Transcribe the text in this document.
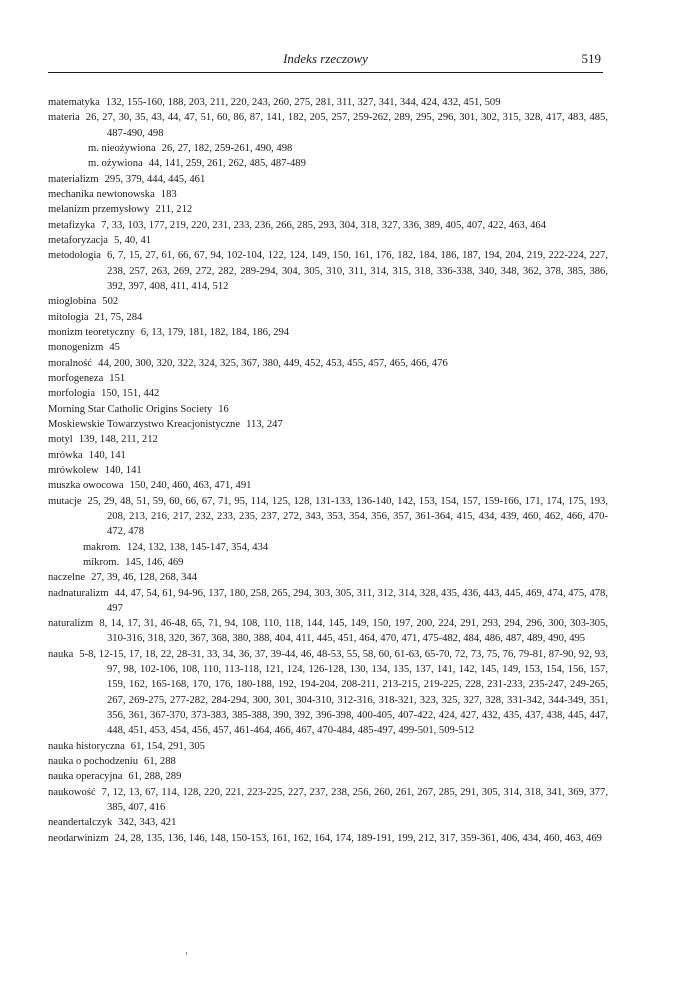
Indeks rzeczowy	519

matematyka 132, 155-160, 188, 203, 211, 220, 243, 260, 275, 281, 311, 327, 341, 344, 424, 432, 451, 509

materia 26, 27, 30, 35, 43, 44, 47, 51, 60, 86, 87, 141, 182, 205, 257, 259-262, 289, 295, 296, 301, 302, 315, 328, 417, 483, 485, 487-490, 498

m. nieożywiona 26, 27, 182, 259-261, 490, 498

m. ożywiona 44, 141, 259, 261, 262, 485, 487-489

materializm 295, 379, 444, 445, 461

mechanika newtonowska 183

melanizm przemysłowy 211, 212

metafizyka 7, 33, 103, 177, 219, 220, 231, 233, 236, 266, 285, 293, 304, 318, 327, 336, 389, 405, 407, 422, 463, 464

metaforyzacja 5, 40, 41

metodologia 6, 7, 15, 27, 61, 66, 67, 94, 102-104, 122, 124, 149, 150, 161, 176, 182, 184, 186, 187, 194, 204, 219, 222-224, 227, 238, 257, 263, 269, 272, 282, 289-294, 304, 305, 310, 311, 314, 315, 318, 336-338, 340, 348, 362, 378, 385, 386, 392, 397, 408, 411, 414, 512

mioglobina 502

mitologia 21, 75, 284

monizm teoretyczny 6, 13, 179, 181, 182, 184, 186, 294

monogenizm 45

moralność 44, 200, 300, 320, 322, 324, 325, 367, 380, 449, 452, 453, 455, 457, 465, 466, 476

morfogeneza 151

morfologia 150, 151, 442

Morning Star Catholic Origins Society 16

Moskiewskie Towarzystwo Kreacjonistyczne 113, 247

motyl 139, 148, 211, 212

mrówka 140, 141

mrówkolew 140, 141

muszka owocowa 150, 240, 460, 463, 471, 491

mutacje 25, 29, 48, 51, 59, 60, 66, 67, 71, 95, 114, 125, 128, 131-133, 136-140, 142, 153, 154, 157, 159-166, 171, 174, 175, 193, 208, 213, 216, 217, 232, 233, 235, 237, 272, 343, 353, 354, 356, 357, 361-364, 415, 434, 439, 460, 462, 466, 470-472, 478

makrom. 124, 132, 138, 145-147, 354, 434

mikrom. 145, 146, 469

naczelne 27, 39, 46, 128, 268, 344

nadnaturalizm 44, 47, 54, 61, 94-96, 137, 180, 258, 265, 294, 303, 305, 311, 312, 314, 328, 435, 436, 443, 445, 469, 474, 475, 478, 497

naturalizm 8, 14, 17, 31, 46-48, 65, 71, 94, 108, 110, 118, 144, 145, 149, 150, 197, 200, 224, 291, 293, 294, 296, 300, 303-305, 310-316, 318, 320, 367, 368, 380, 388, 404, 411, 445, 451, 464, 470, 471, 475-482, 484, 486, 487, 489, 490, 495

nauka 5-8, 12-15, 17, 18, 22, 28-31, 33, 34, 36, 37, 39-44, 46, 48-53, 55, 58, 60, 61-63, 65-70, 72, 73, 75, 76, 79-81, 87-90, 92, 93, 97, 98, 102-106, 108, 110, 113-118, 121, 124, 126-128, 130, 134, 135, 137, 141, 142, 145, 149, 153, 154, 156, 157, 159, 162, 165-168, 170, 176, 180-188, 192, 194-204, 208-211, 213-215, 219-225, 228, 231-233, 235-247, 249-265, 267, 269-275, 277-282, 284-294, 300, 301, 304-310, 312-316, 318-321, 323, 325, 327, 328, 331-342, 344-349, 351, 356, 361, 367-370, 373-383, 385-388, 390, 392, 396-398, 400-405, 407-422, 424, 427, 432, 435, 437, 438, 445, 447, 448, 451, 453, 454, 456, 457, 461-464, 466, 467, 470-484, 485-497, 499-501, 509-512

nauka historyczna 61, 154, 291, 305

nauka o pochodzeniu 61, 288

nauka operacyjna 61, 288, 289

naukowość 7, 12, 13, 67, 114, 128, 220, 221, 223-225, 227, 237, 238, 256, 260, 261, 267, 285, 291, 305, 314, 318, 341, 369, 377, 385, 407, 416

neandertalczyk 342, 343, 421

neodarwinizm 24, 28, 135, 136, 146, 148, 150-153, 161, 162, 164, 174, 189-191, 199, 212, 317, 359-361, 406, 434, 460, 463, 469
